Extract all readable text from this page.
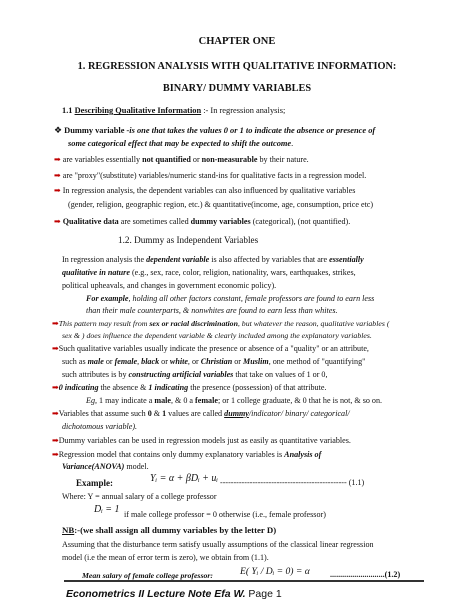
CHAPTER ONE
1. REGRESSION ANALYSIS WITH QUALITATIVE INFORMATION:
BINARY/ DUMMY VARIABLES
1.1 Describing Qualitative Information :- In regression analysis;
❖ Dummy variable -is one that takes the values 0 or 1 to indicate the absence or presence of
some categorical effect that may be expected to shift the outcome.
➡ are variables essentially not quantified or non-measurable by their nature.
➡ are "proxy"(substitute) variables/numeric stand-ins for qualitative facts in a regression model.
➡ In regression analysis, the dependent variables can also influenced by qualitative variables
(gender, religion, geographic region, etc.) & quantitative(income, age, consumption, price etc)
➡ Qualitative data are sometimes called dummy variables (categorical), (not quantified).
1.2. Dummy as Independent Variables
In regression analysis the dependent variable is also affected by variables that are essentially
qualitative in nature (e.g., sex, race, color, religion, nationality, wars, earthquakes, strikes,
political upheavals, and changes in government economic policy).
For example, holding all other factors constant, female professors are found to earn less
than their male counterparts, & nonwhites are found to earn less than whites.
➡This pattern may result from sex or racial discrimination, but whatever the reason, qualitative variables (
sex & ) does influence the dependent variable & clearly included among the explanatory variables.
➡Such qualitative variables usually indicate the presence or absence of a "quality" or an attribute,
such as male or female, black or white, or Christian or Muslim, one method of "quantifying"
such attributes is by constructing artificial variables that take on values of 1 or 0,
➡0 indicating the absence & 1 indicating the presence (possession) of that attribute.
Eg, 1 may indicate a male, & 0 a female; or 1 college graduate, & 0 that he is not, & so on.
➡Variables that assume such 0 & 1 values are called dummy/indicator/ binary/ categorical/
dichotomous variable).
➡Dummy variables can be used in regression models just as easily as quantitative variables.
➡Regression model that contains only dummy explanatory variables is Analysis of
Variance(ANOVA) model.
Example:	Yᵢ = α + βDᵢ + uᵢ ----------------------------------------------- (1.1)
Where: Y = annual salary of a college professor
Dᵢ = 1 if male college professor = 0 otherwise (i.e., female professor)
NB:-(we shall assign all dummy variables by the letter D)
Assuming that the disturbance term satisfy usually assumptions of the classical linear regression
model (i.e the mean of error term is zero), we obtain from (1.1).
Mean salary of female college professor:	E( Yᵢ / Dᵢ = 0) = α ...........................(1.2)
Econometrics II Lecture Note Efa W. Page 1
